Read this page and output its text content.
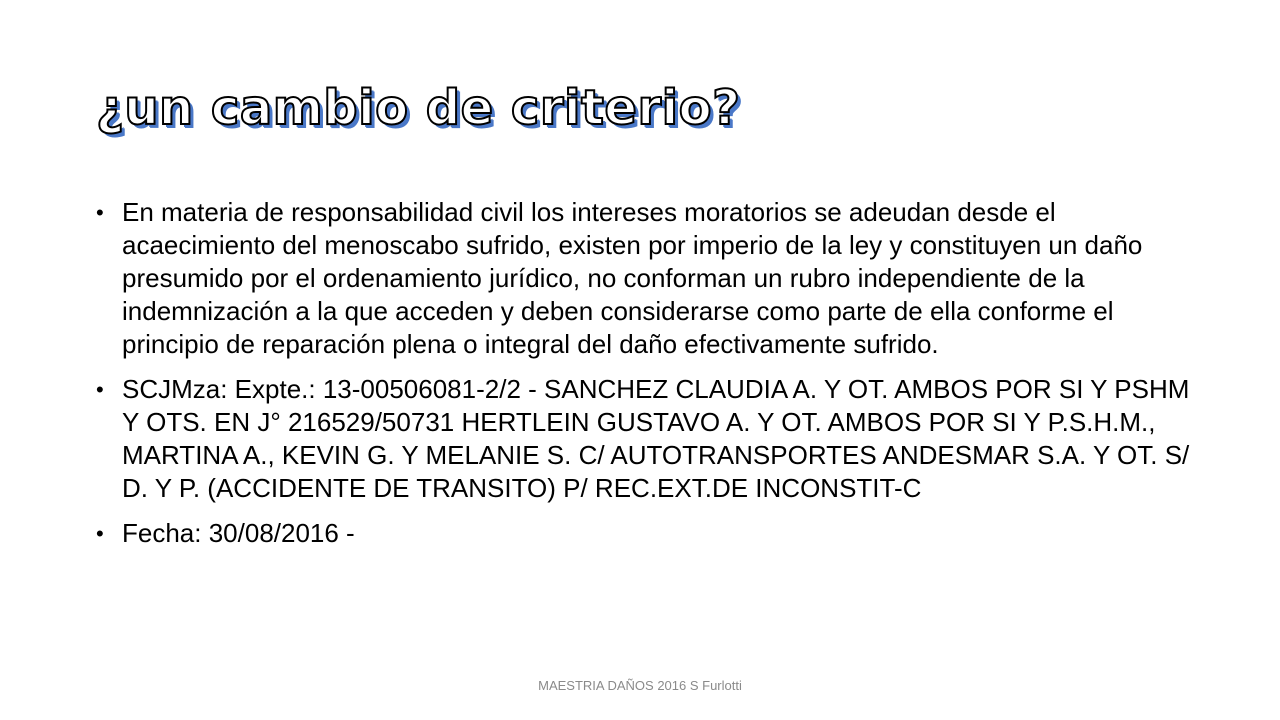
¿un cambio de criterio?
• En materia de responsabilidad civil los intereses moratorios se adeudan desde el acaecimiento del menoscabo sufrido, existen por imperio de la ley y constituyen un daño presumido por el ordenamiento jurídico, no conforman un rubro independiente de la indemnización a la que acceden y deben considerarse como parte de ella conforme el principio de reparación plena o integral del daño efectivamente sufrido.
• SCJMza: Expte.: 13-00506081-2/2 - SANCHEZ CLAUDIA A. Y OT. AMBOS POR SI Y PSHM Y OTS. EN J° 216529/50731 HERTLEIN GUSTAVO A. Y OT. AMBOS POR SI Y P.S.H.M., MARTINA A., KEVIN G. Y MELANIE S. C/ AUTOTRANSPORTES ANDESMAR S.A. Y OT. S/ D. Y P. (ACCIDENTE DE TRANSITO) P/ REC.EXT.DE INCONSTIT-C
• Fecha: 30/08/2016 -
MAESTRIA DAÑOS 2016 S Furlotti
